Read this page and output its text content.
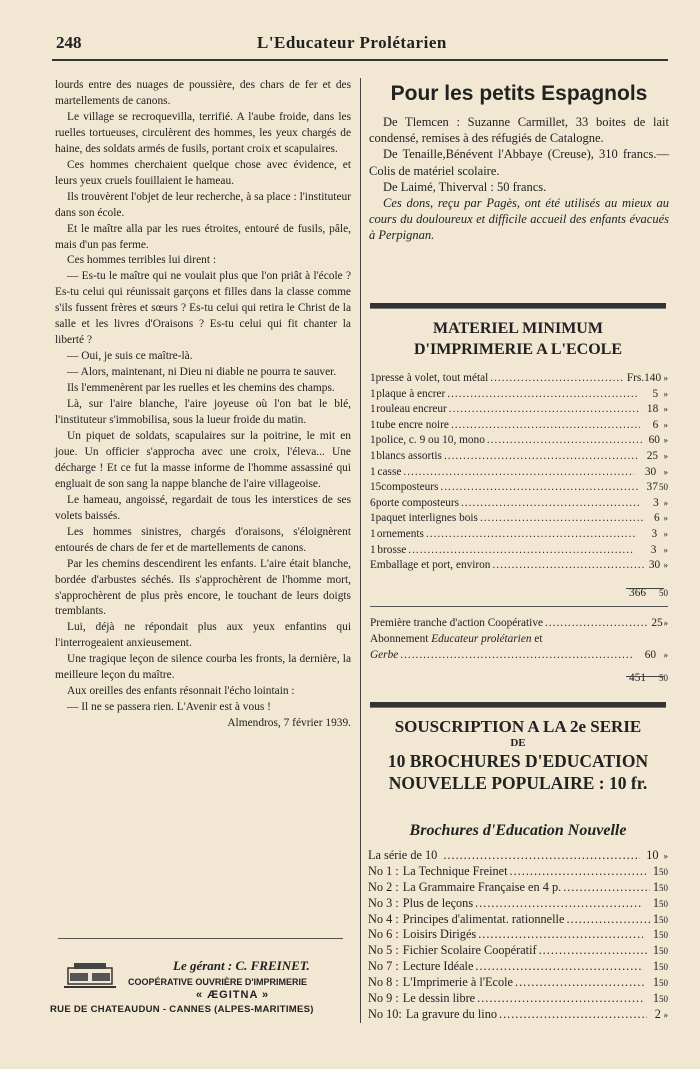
248	L'Educateur Prolétarien

lourds entre des nuages de poussière, des chars de fer et des martellements de canons.

Le village se recroquevilla, terrifié. A l'aube froide, dans les ruelles tortueuses, circulèrent des hommes, les yeux chargés de haine, des soldats armés de fusils, portant croix et scapulaires.

Ces hommes cherchaient quelque chose avec évidence, et leurs yeux cruels fouillaient le hameau.

Ils trouvèrent l'objet de leur recherche, à sa place : l'instituteur dans son école.

Et le maître alla par les rues étroites, entouré de fusils, pâle, mais d'un pas ferme.

Ces hommes terribles lui dirent :

— Es-tu le maître qui ne voulait plus que l'on priât à l'école ? Es-tu celui qui réunissait garçons et filles dans la classe comme s'ils fussent frères et sœurs ? Es-tu celui qui retira le Christ de la salle et les livres d'Oraisons ? Es-tu celui qui fit chanter la liberté ?

— Oui, je suis ce maître-là.

— Alors, maintenant, ni Dieu ni diable ne pourra te sauver.

Ils l'emmenèrent par les ruelles et les chemins des champs.

Là, sur l'aire blanche, l'aire joyeuse où l'on bat le blé, l'instituteur s'immobilisa, sous la lueur froide du matin.

Un piquet de soldats, scapulaires sur la poitrine, le mit en joue. Un officier s'approcha avec une croix, l'éleva... Une décharge ! Et ce fut la masse informe de l'homme assassiné qui engluait de son sang la nappe blanche de l'aire villageoise.

Le hameau, angoissé, regardait de tous les interstices de ses volets baissés.

Les hommes sinistres, chargés d'oraisons, s'éloignèrent entourés de chars de fer et de martellements de canons.

Par les chemins descendirent les enfants. L'aire était blanche, bordée d'arbustes séchés. Ils s'approchèrent de l'homme mort, s'approchèrent de plus près encore, le touchant de leurs doigts tremblants.

Lui, déjà ne répondait plus aux yeux enfantins qui l'interrogeaient anxieusement.

Une tragique leçon de silence courba les fronts, la dernière, la meilleure leçon du maître.

Aux oreilles des enfants résonnait l'écho lointain :

— Il ne se passera rien. L'Avenir est à vous !

Almendros, 7 février 1939.
Le gérant : C. FREINET.
COOPÉRATIVE OUVRIÈRE D'IMPRIMERIE
« ÆGITNA »
RUE DE CHATEAUDUN - CANNES (ALPES-MARITIMES)
Pour les petits Espagnols

De Tlemcen : Suzanne Carmillet, 33 boites de lait condensé, remises à des réfugiés de Catalogne.

De Tenaille,Bénévent l'Abbaye (Creuse), 310 francs.— Colis de matériel scolaire.

De Laimé, Thiverval : 50 francs.

Ces dons, reçu par Pagès, ont été utilisés au mieux au cours du douloureux et difficile accueil des enfants évacués à Perpignan.

MATERIEL MINIMUM
D'IMPRIMERIE A L'ECOLE
1 presse à volet, tout métal .....	Frs. 140 »
1 plaque à encrer .....	5 »
1 rouleau encreur .....	18 »
1 tube encre noire .....	6 »
1 police, c. 9 ou 10, mono .....	60 »
1 blancs assortis .....	25 »
1 casse .....	30 »
15 composteurs .....	37 50
6 porte composteurs .....	3 »
1 paquet interlignes bois .....	6 »
1 ornements .....	3 »
1 brosse .....	3 »
Emballage et port, environ .....	30 »
366	50
Première tranche d'action Coopérative .....	25 »
Abonnement Educateur prolétarien et
Gerbe .....	60 »
451	50
SOUSCRIPTION A LA 2e SERIE
DE
10 BROCHURES D'EDUCATION
NOUVELLE POPULAIRE : 10 fr.
Brochures d'Education Nouvelle
La série de 10 .....	10 »
No 1 : La Technique Freinet .....	1 50
No 2 : La Grammaire Française en 4 p. .....	1 50
No 3 : Plus de leçons .....	1 50
No 4 : Principes d'alimentat. rationnelle .....	1 50
No 6 : Loisirs Dirigés .....	1 50
No 5 : Fichier Scolaire Coopératif .....	1 50
No 7 : Lecture Idéale .....	1 50
No 8 : L'Imprimerie à l'Ecole .....	1 50
No 9 : Le dessin libre .....	1 50
No 10: La gravure du lino .....	2 »
